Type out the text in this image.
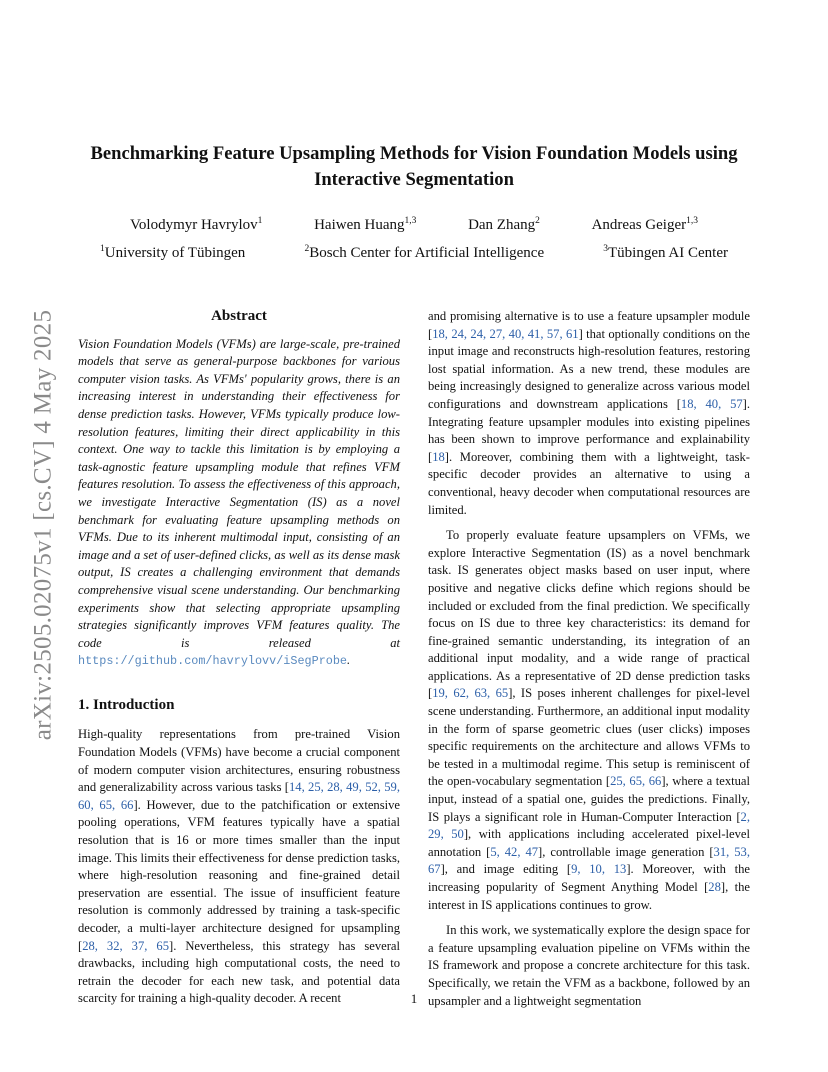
arXiv:2505.02075v1 [cs.CV] 4 May 2025
Benchmarking Feature Upsampling Methods for Vision Foundation Models using
Interactive Segmentation
Volodymyr Havrylov$^1$	Haiwen Huang$^{1,3}$	Dan Zhang$^2$	Andreas Geiger$^{1,3}$
$^1$University of Tübingen	$^2$Bosch Center for Artificial Intelligence	$^3$Tübingen AI Center
Abstract

Vision Foundation Models (VFMs) are large-scale, pre-trained models that serve as general-purpose backbones for various computer vision tasks. As VFMs' popularity grows, there is an increasing interest in understanding their effectiveness for dense prediction tasks. However, VFMs typically produce low-resolution features, limiting their direct applicability in this context. One way to tackle this limitation is by employing a task-agnostic feature upsampling module that refines VFM features resolution. To assess the effectiveness of this approach, we investigate Interactive Segmentation (IS) as a novel benchmark for evaluating feature upsampling methods on VFMs. Due to its inherent multimodal input, consisting of an image and a set of user-defined clicks, as well as its dense mask output, IS creates a challenging environment that demands comprehensive visual scene understanding. Our benchmarking experiments show that selecting appropriate upsampling strategies significantly improves VFM features quality. The code is released at https://github.com/havrylovv/iSegProbe.

1. Introduction

High-quality representations from pre-trained Vision Foundation Models (VFMs) have become a crucial component of modern computer vision architectures, ensuring robustness and generalizability across various tasks [14, 25, 28, 49, 52, 59, 60, 65, 66]. However, due to the patchification or extensive pooling operations, VFM features typically have a spatial resolution that is 16 or more times smaller than the input image. This limits their effectiveness for dense prediction tasks, where high-resolution reasoning and fine-grained detail preservation are essential. The issue of insufficient feature resolution is commonly addressed by training a task-specific decoder, a multi-layer architecture designed for upsampling [28, 32, 37, 65]. Nevertheless, this strategy has several drawbacks, including high computational costs, the need to retrain the decoder for each new task, and potential data scarcity for training a high-quality decoder. A recent

and promising alternative is to use a feature upsampler module [18, 24, 24, 27, 40, 41, 57, 61] that optionally conditions on the input image and reconstructs high-resolution features, restoring lost spatial information. As a new trend, these modules are being increasingly designed to generalize across various model configurations and downstream applications [18, 40, 57]. Integrating feature upsampler modules into existing pipelines has been shown to improve performance and explainability [18]. Moreover, combining them with a lightweight, task-specific decoder provides an alternative to using a conventional, heavy decoder when computational resources are limited.

To properly evaluate feature upsamplers on VFMs, we explore Interactive Segmentation (IS) as a novel benchmark task. IS generates object masks based on user input, where positive and negative clicks define which regions should be included or excluded from the final prediction. We specifically focus on IS due to three key characteristics: its demand for fine-grained semantic understanding, its integration of an additional input modality, and a wide range of practical applications. As a representative of 2D dense prediction tasks [19, 62, 63, 65], IS poses inherent challenges for pixel-level scene understanding. Furthermore, an additional input modality in the form of sparse geometric clues (user clicks) imposes specific requirements on the architecture and allows VFMs to be tested in a multimodal regime. This setup is reminiscent of the open-vocabulary segmentation [25, 65, 66], where a textual input, instead of a spatial one, guides the predictions. Finally, IS plays a significant role in Human-Computer Interaction [2, 29, 50], with applications including accelerated pixel-level annotation [5, 42, 47], controllable image generation [31, 53, 67], and image editing [9, 10, 13]. Moreover, with the increasing popularity of Segment Anything Model [28], the interest in IS applications continues to grow.

In this work, we systematically explore the design space for a feature upsampling evaluation pipeline on VFMs within the IS framework and propose a concrete architecture for this task. Specifically, we retain the VFM as a backbone, followed by an upsampler and a lightweight segmentation

1
